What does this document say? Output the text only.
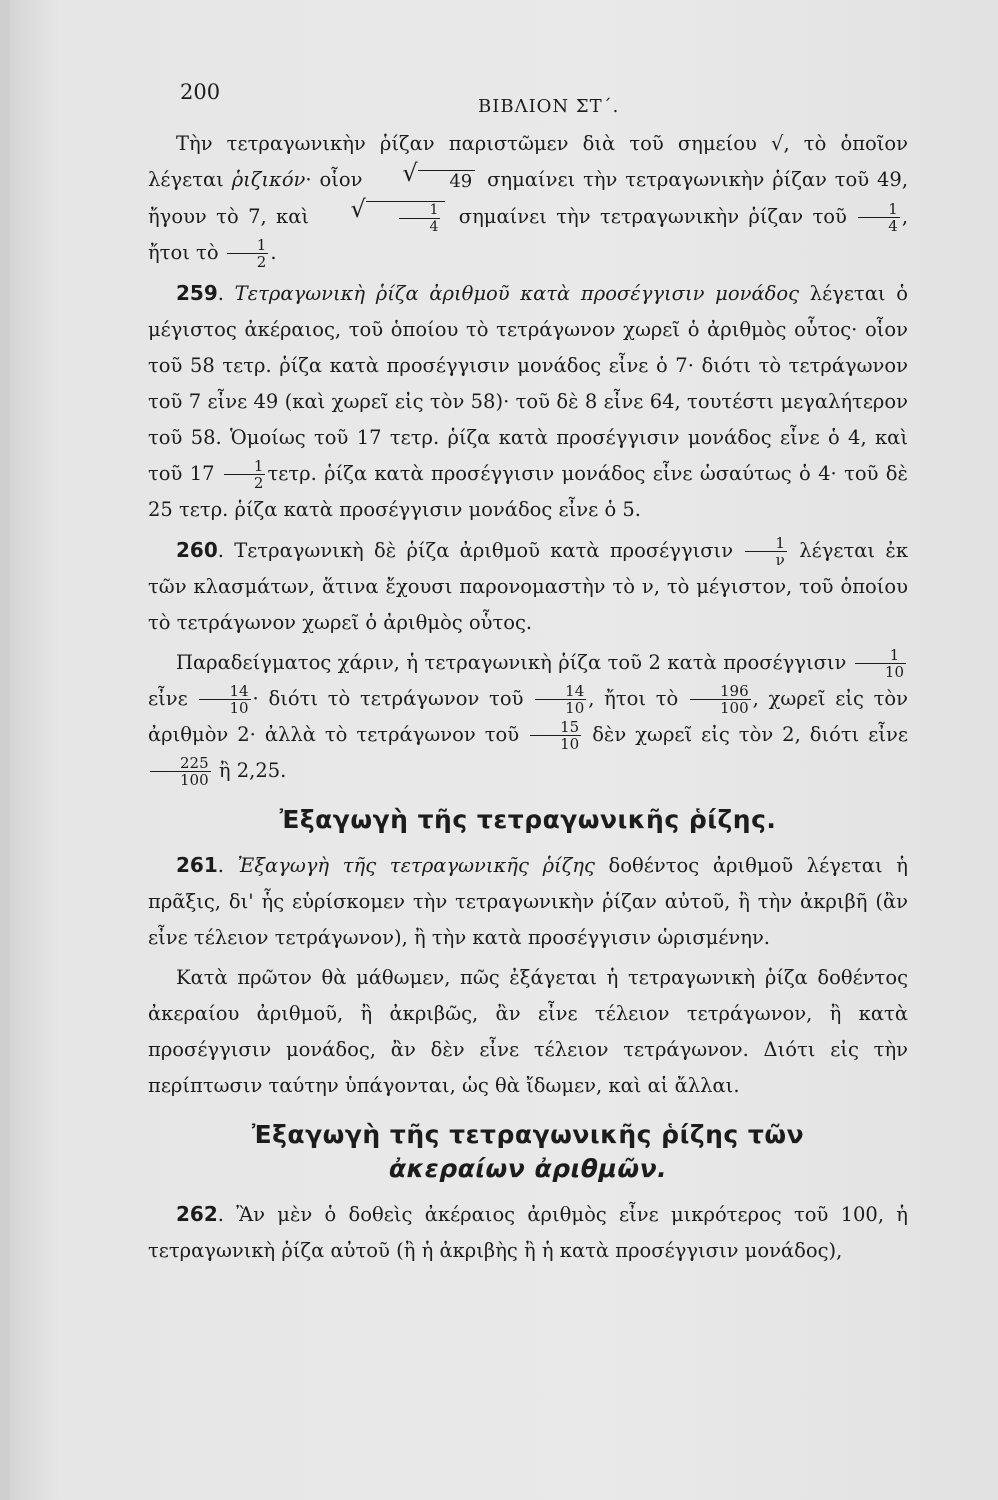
200
ΒΙΒΛΙΟΝ ΣΤ΄.

Τὴν τετραγωνικὴν ῥίζαν παριστῶμεν διὰ τοῦ σημείου √, τὸ ὁποῖον λέγεται ῥιζικόν· οἷον	√ 49 σημαίνει τὴν τετραγωνικὴν ῥίζαν τοῦ 49, ἤγουν τὸ 7, καὶ	√ $\frac{1}{4}$ σημαίνει τὴν τετραγωνικὴν ῥίζαν τοῦ $\frac{1}{4}$ , ἤτοι τὸ $\frac{1}{2}$ .

259. Τετραγωνικὴ ῥίζα ἀριθμοῦ κατὰ προσέγγισιν μονάδος λέγεται ὁ μέγιστος ἀκέραιος, τοῦ ὁποίου τὸ τετράγωνον χωρεῖ ὁ ἀριθμὸς οὗτος· οἷον τοῦ 58 τετρ. ῥίζα κατὰ προσέγγισιν μονάδος εἶνε ὁ 7· διότι τὸ τετράγωνον τοῦ 7 εἶνε 49 (καὶ χωρεῖ εἰς τὸν 58)· τοῦ δὲ 8 εἶνε 64, τουτέστι μεγαλήτερον τοῦ 58. Ὁμοίως τοῦ 17 τετρ. ῥίζα κατὰ προσέγγισιν μονάδος εἶνε ὁ 4, καὶ τοῦ $17 \frac{1}{2} \tau\varepsilon\tau\rho$. ῥίζα κατὰ προσέγγισιν μονάδος εἶνε ὡσαύτως ὁ 4· τοῦ δὲ 25 τετρ. ῥίζα κατὰ προσέγγισιν μονάδος εἶνε ὁ 5.

260. Τετραγωνικὴ δὲ ῥίζα ἀριθμοῦ κατὰ προσέγγισιν $\frac{1}{\nu}$ λέγεται ἐκ τῶν κλασμάτων, ἅτινα ἔχουσι παρονομαστὴν τὸ ν, τὸ μέγιστον, τοῦ ὁποίου τὸ τετράγωνον χωρεῖ ὁ ἀριθμὸς οὗτος.

Παραδείγματος χάριν, ἡ τετραγωνικὴ ῥίζα τοῦ 2 κατὰ προσέγγισιν $\frac{1}{10}$
εἶνε $\frac{14}{10} \cdot \delta\iota ό\tau\iota$ τὸ τετράγωνον τοῦ $\frac{14}{10}$ , ἤτοι τὸ $\frac{196}{100}$ , χωρεῖ εἰς τὸν ἀριθμὸν 2· ἀλλὰ τὸ τετράγωνον τοῦ $\frac{15}{10}$ δὲν χωρεῖ εἰς τὸν 2, διότι εἶνε
$\frac{225}{100}$ ἢ 2,25.

Ἐξαγωγὴ τῆς τετραγωνικῆς ῥίζης.

261. Ἐξαγωγὴ τῆς τετραγωνικῆς ῥίζης δοθέντος ἀριθμοῦ λέγεται ἡ πρᾶξις, δι' ἧς εὑρίσκομεν τὴν τετραγωνικὴν ῥίζαν αὐτοῦ, ἢ τὴν ἀκριβῆ (ἂν εἶνε τέλειον τετράγωνον), ἢ τὴν κατὰ προσέγγισιν ὡρισμένην.

Κατὰ πρῶτον θὰ μάθωμεν, πῶς ἐξάγεται ἡ τετραγωνικὴ ῥίζα δοθέντος ἀκεραίου ἀριθμοῦ, ἢ ἀκριβῶς, ἂν εἶνε τέλειον τετράγωνον, ἢ κατὰ προσέγγισιν μονάδος, ἂν δὲν εἶνε τέλειον τετράγωνον. Διότι εἰς τὴν περίπτωσιν ταύτην ὑπάγονται, ὡς θὰ ἴδωμεν, καὶ αἱ ἄλλαι.

Ἐξαγωγὴ τῆς τετραγωνικῆς ῥίζης τῶν
ἀκεραίων ἀριθμῶν.

262. Ἂν μὲν ὁ δοθεὶς ἀκέραιος ἀριθμὸς εἶνε μικρότερος τοῦ 100, ἡ τετραγωνικὴ ῥίζα αὐτοῦ (ἢ ἡ ἀκριβὴς ἢ ἡ κατὰ προσέγγισιν μονάδος),
